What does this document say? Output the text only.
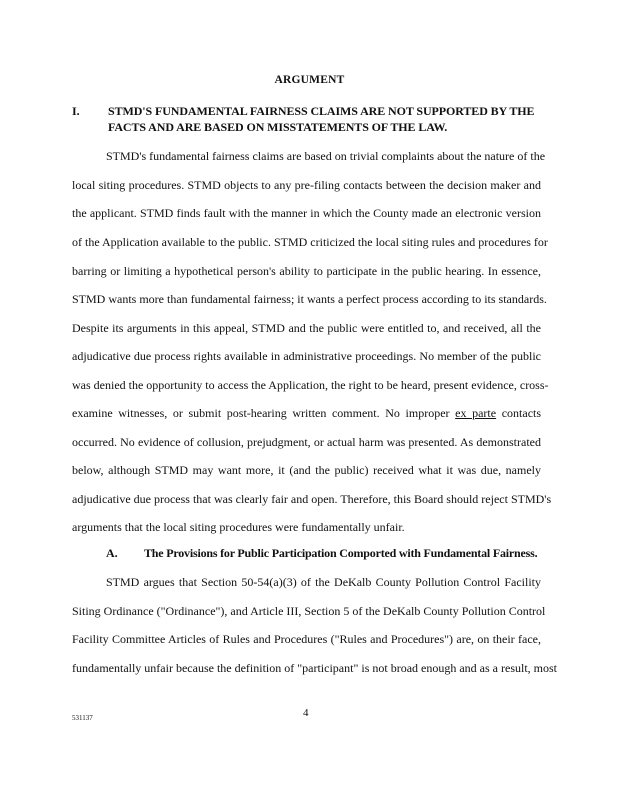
ARGUMENT
I. STMD'S FUNDAMENTAL FAIRNESS CLAIMS ARE NOT SUPPORTED BY THE
FACTS AND ARE BASED ON MISSTATEMENTS OF THE LAW.
STMD's fundamental fairness claims are based on trivial complaints about the nature of the
local siting procedures. STMD objects to any pre-filing contacts between the decision maker and
the applicant. STMD finds fault with the manner in which the County made an electronic version
of the Application available to the public. STMD criticized the local siting rules and procedures for
barring or limiting a hypothetical person's ability to participate in the public hearing. In essence,
STMD wants more than fundamental fairness; it wants a perfect process according to its standards.
Despite its arguments in this appeal, STMD and the public were entitled to, and received, all the
adjudicative due process rights available in administrative proceedings. No member of the public
was denied the opportunity to access the Application, the right to be heard, present evidence, cross-
examine witnesses, or submit post-hearing written comment. No improper ex parte contacts
occurred. No evidence of collusion, prejudgment, or actual harm was presented. As demonstrated
below, although STMD may want more, it (and the public) received what it was due, namely
adjudicative due process that was clearly fair and open. Therefore, this Board should reject STMD's
arguments that the local siting procedures were fundamentally unfair.
A. The Provisions for Public Participation Comported with Fundamental Fairness.
STMD argues that Section 50-54(a)(3) of the DeKalb County Pollution Control Facility
Siting Ordinance ("Ordinance"), and Article III, Section 5 of the DeKalb County Pollution Control
Facility Committee Articles of Rules and Procedures ("Rules and Procedures") are, on their face,
fundamentally unfair because the definition of "participant" is not broad enough and as a result, most
531137	4
